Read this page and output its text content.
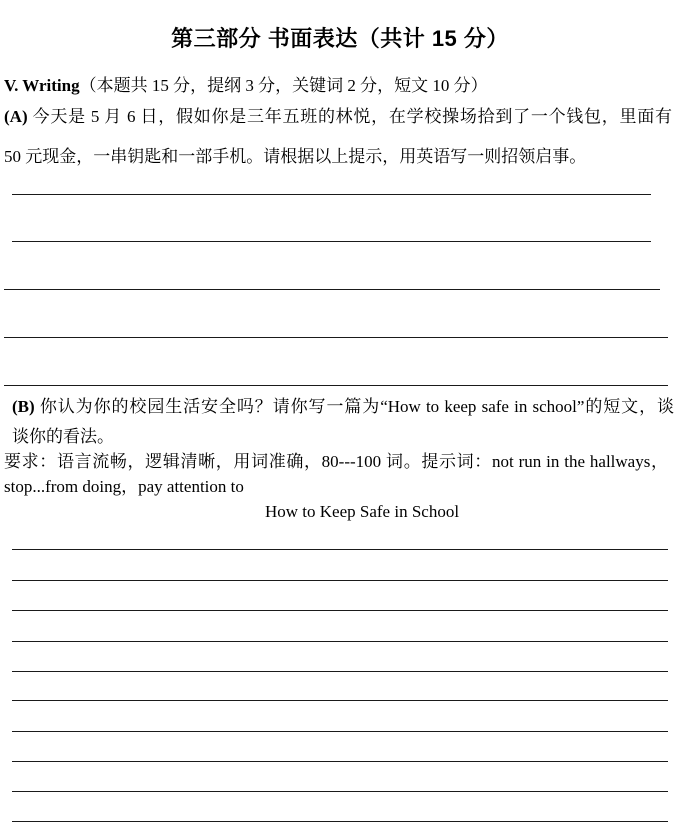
第三部分 书面表达（共计 15 分）
V. Writing（本题共 15 分，提纲 3 分，关键词 2 分，短文 10 分）
(A) 今天是 5 月 6 日，假如你是三年五班的林悦，在学校操场拾到了一个钱包，里面有
50 元现金，一串钥匙和一部手机。请根据以上提示，用英语写一则招领启事。
(B) 你认为你的校园生活安全吗？请你写一篇为“How to keep safe in school”的短文，谈
谈你的看法。
要求：语言流畅，逻辑清晰，用词准确，80---100 词。提示词：not run in the hallways，
stop...from doing，pay attention to
How to Keep Safe in School
